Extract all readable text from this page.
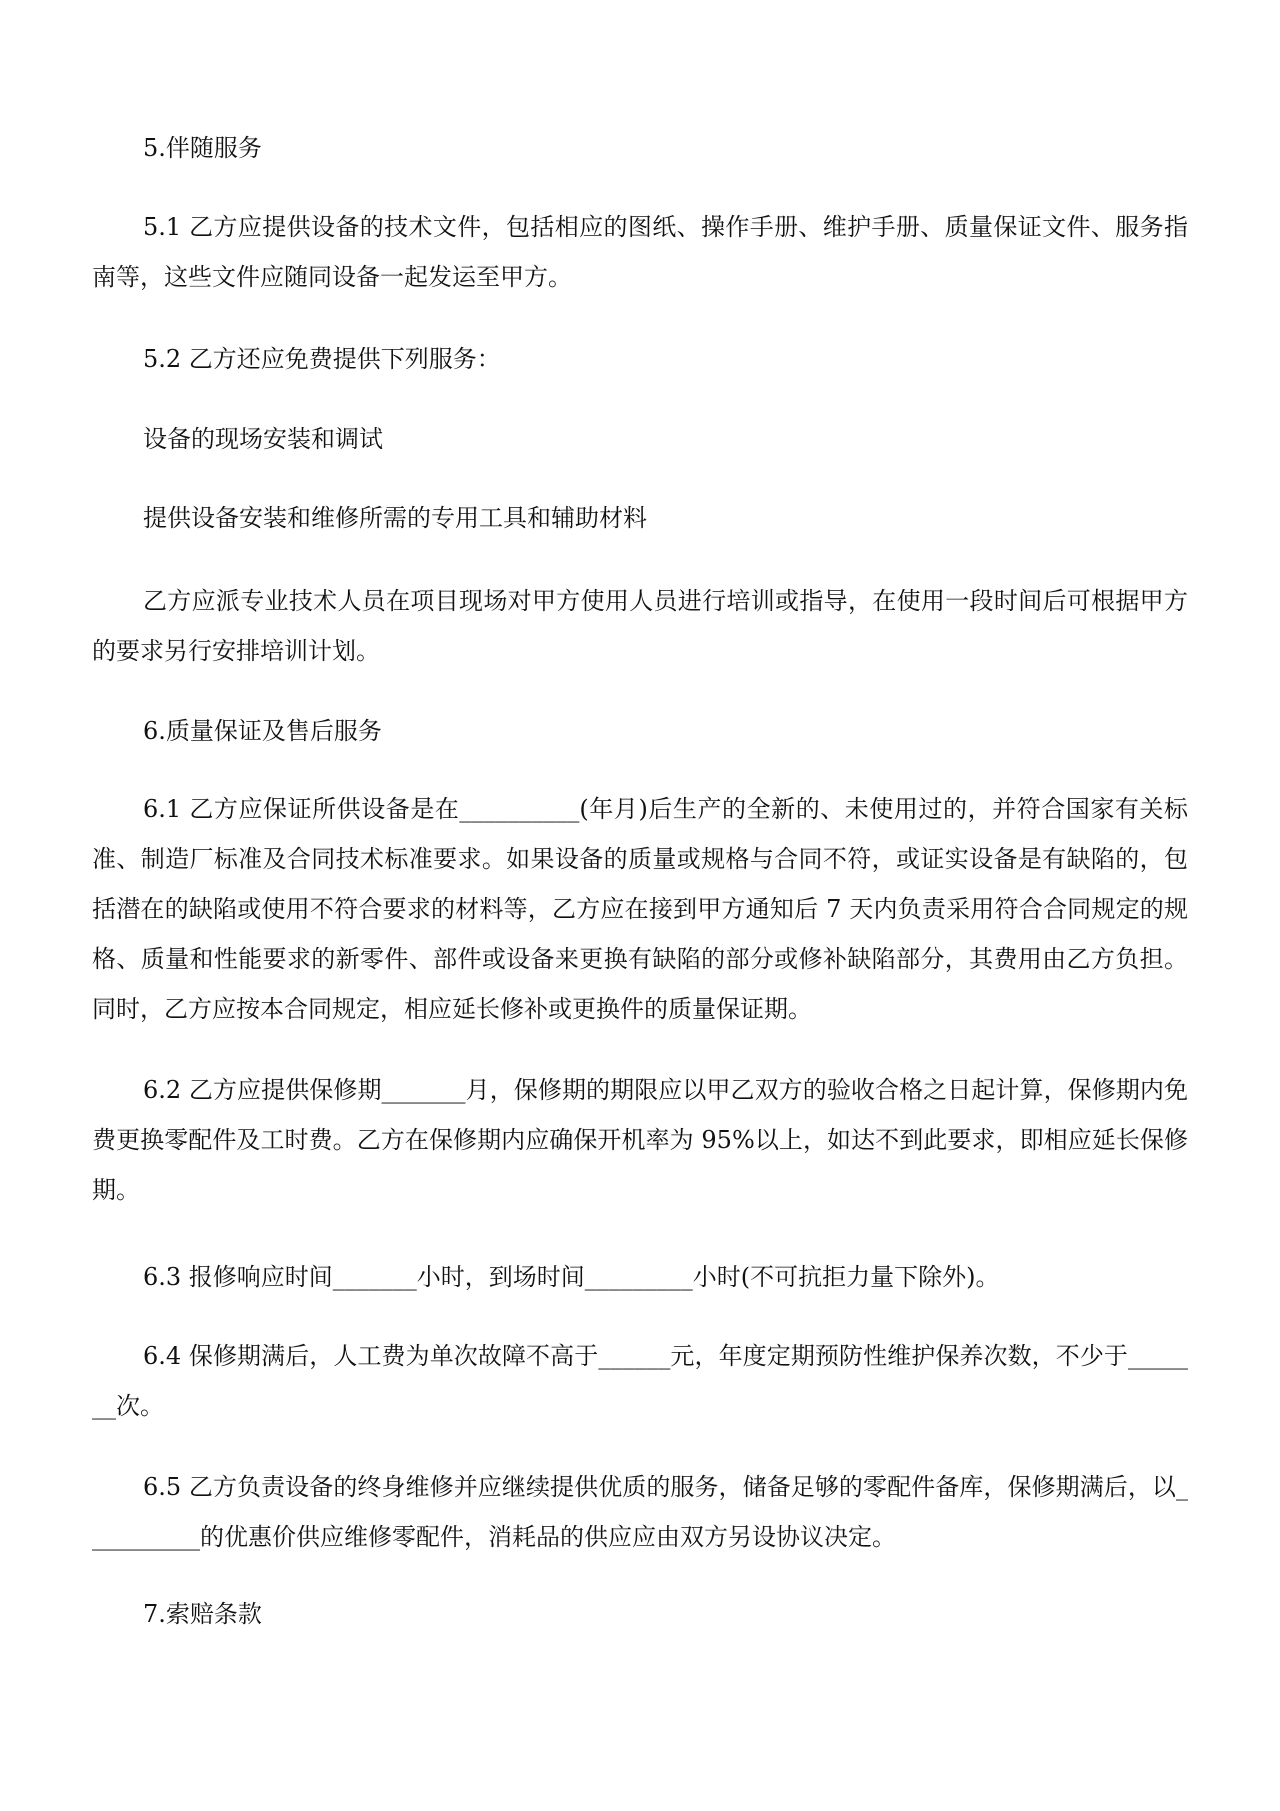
5.伴随服务

5.1 乙方应提供设备的技术文件，包括相应的图纸、操作手册、维护手册、质量保证文件、服务指南等，这些文件应随同设备一起发运至甲方。

5.2 乙方还应免费提供下列服务：

设备的现场安装和调试

提供设备安装和维修所需的专用工具和辅助材料

乙方应派专业技术人员在项目现场对甲方使用人员进行培训或指导，在使用一段时间后可根据甲方的要求另行安排培训计划。

6.质量保证及售后服务

6.1 乙方应保证所供设备是在__________(年月)后生产的全新的、未使用过的，并符合国家有关标准、制造厂标准及合同技术标准要求。如果设备的质量或规格与合同不符，或证实设备是有缺陷的，包括潜在的缺陷或使用不符合要求的材料等，乙方应在接到甲方通知后 7 天内负责采用符合合同规定的规格、质量和性能要求的新零件、部件或设备来更换有缺陷的部分或修补缺陷部分，其费用由乙方负担。同时，乙方应按本合同规定，相应延长修补或更换件的质量保证期。

6.2 乙方应提供保修期_______月，保修期的期限应以甲乙双方的验收合格之日起计算，保修期内免费更换零配件及工时费。乙方在保修期内应确保开机率为 95%以上，如达不到此要求，即相应延长保修期。

6.3 报修响应时间_______小时，到场时间_________小时(不可抗拒力量下除外)。

6.4 保修期满后，人工费为单次故障不高于______元，年度定期预防性维护保养次数，不少于_______次。

6.5 乙方负责设备的终身维修并应继续提供优质的服务，储备足够的零配件备库，保修期满后，以__________的优惠价供应维修零配件，消耗品的供应应由双方另设协议决定。

7.索赔条款
